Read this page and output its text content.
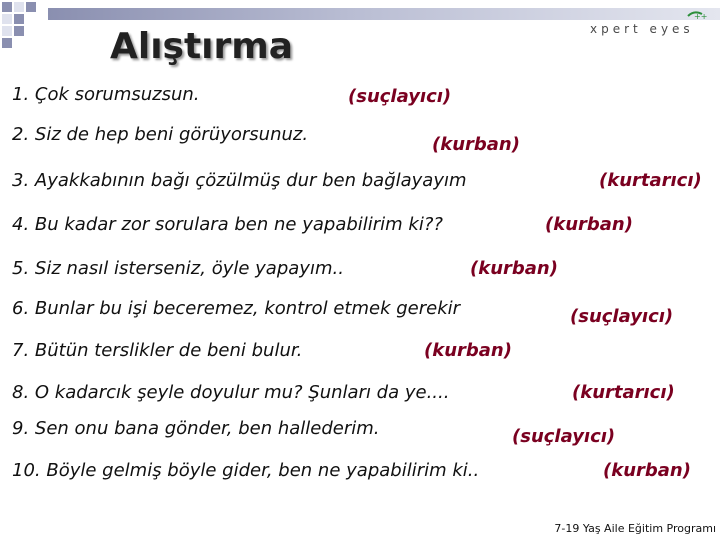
xpert eyes
++
Alıştırma
1. Çok sorumsuzsun.	(suçlayıcı)
2. Siz de hep beni görüyorsunuz.	(kurban)
3. Ayakkabının bağı çözülmüş dur ben bağlayayım	(kurtarıcı)
4. Bu kadar zor sorulara ben ne yapabilirim ki??	(kurban)
5. Siz nasıl isterseniz, öyle yapayım..	(kurban)
6. Bunlar bu işi beceremez, kontrol etmek gerekir	(suçlayıcı)
7. Bütün terslikler de beni bulur.	(kurban)
8. O kadarcık şeyle doyulur mu? Şunları da ye....	(kurtarıcı)
9. Sen onu bana gönder, ben hallederim.	(suçlayıcı)
10. Böyle gelmiş böyle gider, ben ne yapabilirim ki..	(kurban)
7-19 Yaş Aile Eğitim Programı
